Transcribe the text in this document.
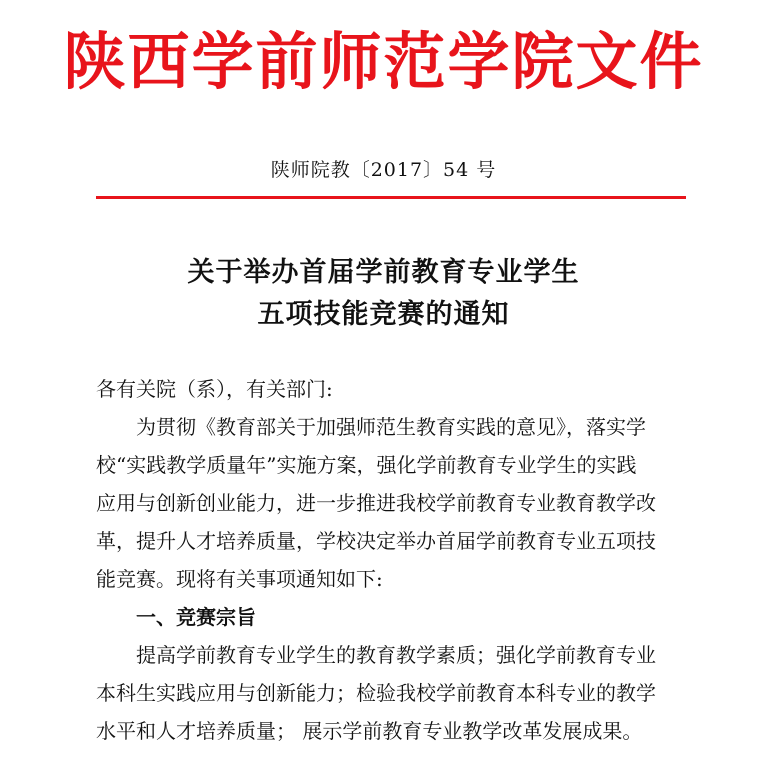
陕西学前师范学院文件
陕师院教〔2017〕54 号
关于举办首届学前教育专业学生
五项技能竞赛的通知
各有关院（系），有关部门:
为贯彻《教育部关于加强师范生教育实践的意见》，落实学
校“实践教学质量年”实施方案，强化学前教育专业学生的实践
应用与创新创业能力，进一步推进我校学前教育专业教育教学改
革，提升人才培养质量，学校决定举办首届学前教育专业五项技
能竞赛。现将有关事项通知如下:
一、竞赛宗旨
提高学前教育专业学生的教育教学素质；强化学前教育专业
本科生实践应用与创新能力；检验我校学前教育本科专业的教学
水平和人才培养质量； 展示学前教育专业教学改革发展成果。
